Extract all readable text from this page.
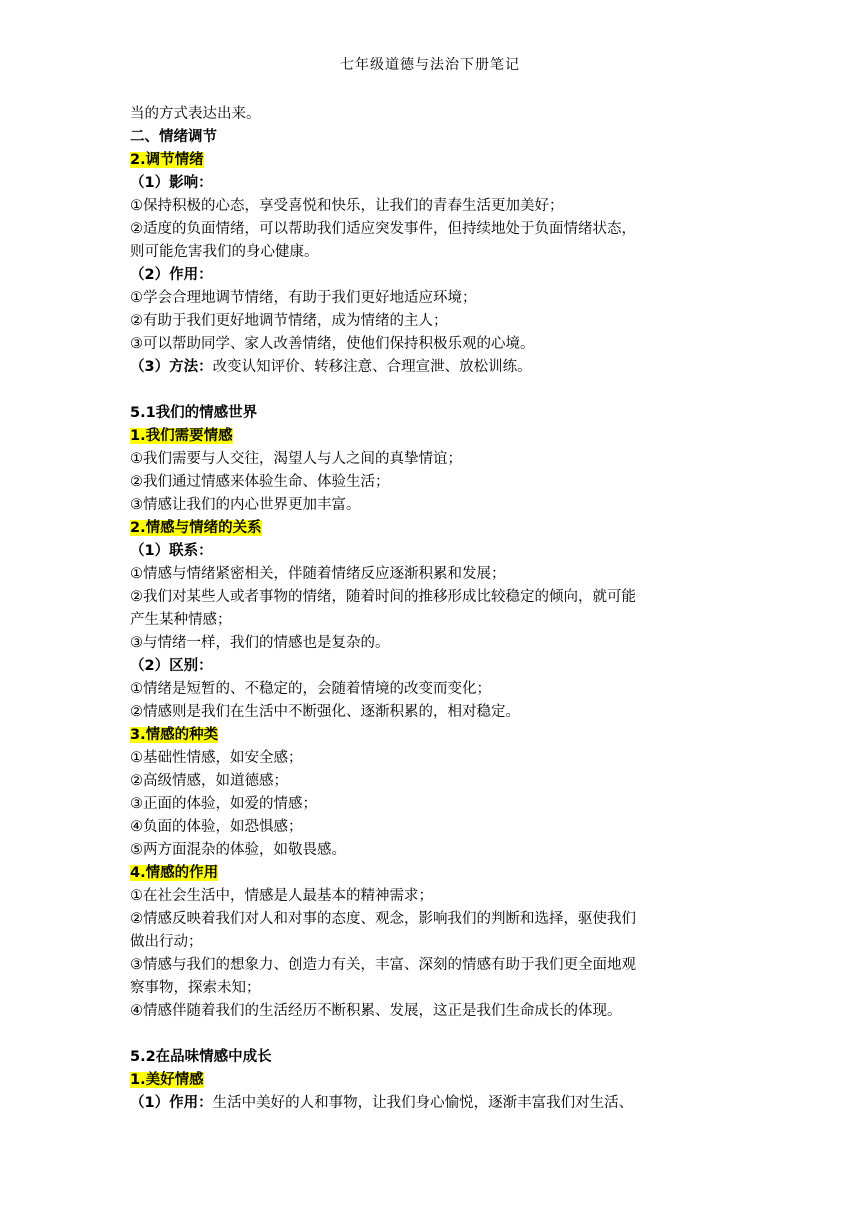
七年级道德与法治下册笔记
当的方式表达出来。
二、情绪调节
2.调节情绪
（1）影响：
①保持积极的心态，享受喜悦和快乐，让我们的青春生活更加美好；
②适度的负面情绪，可以帮助我们适应突发事件，但持续地处于负面情绪状态，
则可能危害我们的身心健康。
（2）作用：
①学会合理地调节情绪，有助于我们更好地适应环境；
②有助于我们更好地调节情绪，成为情绪的主人；
③可以帮助同学、家人改善情绪，使他们保持积极乐观的心境。
（3）方法：改变认知评价、转移注意、合理宣泄、放松训练。
5.1我们的情感世界
1.我们需要情感
①我们需要与人交往，渴望人与人之间的真挚情谊；
②我们通过情感来体验生命、体验生活；
③情感让我们的内心世界更加丰富。
2.情感与情绪的关系
（1）联系：
①情感与情绪紧密相关，伴随着情绪反应逐渐积累和发展；
②我们对某些人或者事物的情绪，随着时间的推移形成比较稳定的倾向，就可能
产生某种情感；
③与情绪一样，我们的情感也是复杂的。
（2）区别：
①情绪是短暂的、不稳定的，会随着情境的改变而变化；
②情感则是我们在生活中不断强化、逐渐积累的，相对稳定。
3.情感的种类
①基础性情感，如安全感；
②高级情感，如道德感；
③正面的体验，如爱的情感；
④负面的体验，如恐惧感；
⑤两方面混杂的体验，如敬畏感。
4.情感的作用
①在社会生活中，情感是人最基本的精神需求；
②情感反映着我们对人和对事的态度、观念，影响我们的判断和选择，驱使我们
做出行动；
③情感与我们的想象力、创造力有关，丰富、深刻的情感有助于我们更全面地观
察事物，探索未知；
④情感伴随着我们的生活经历不断积累、发展，这正是我们生命成长的体现。
5.2在品味情感中成长
1.美好情感
（1）作用：生活中美好的人和事物，让我们身心愉悦，逐渐丰富我们对生活、
